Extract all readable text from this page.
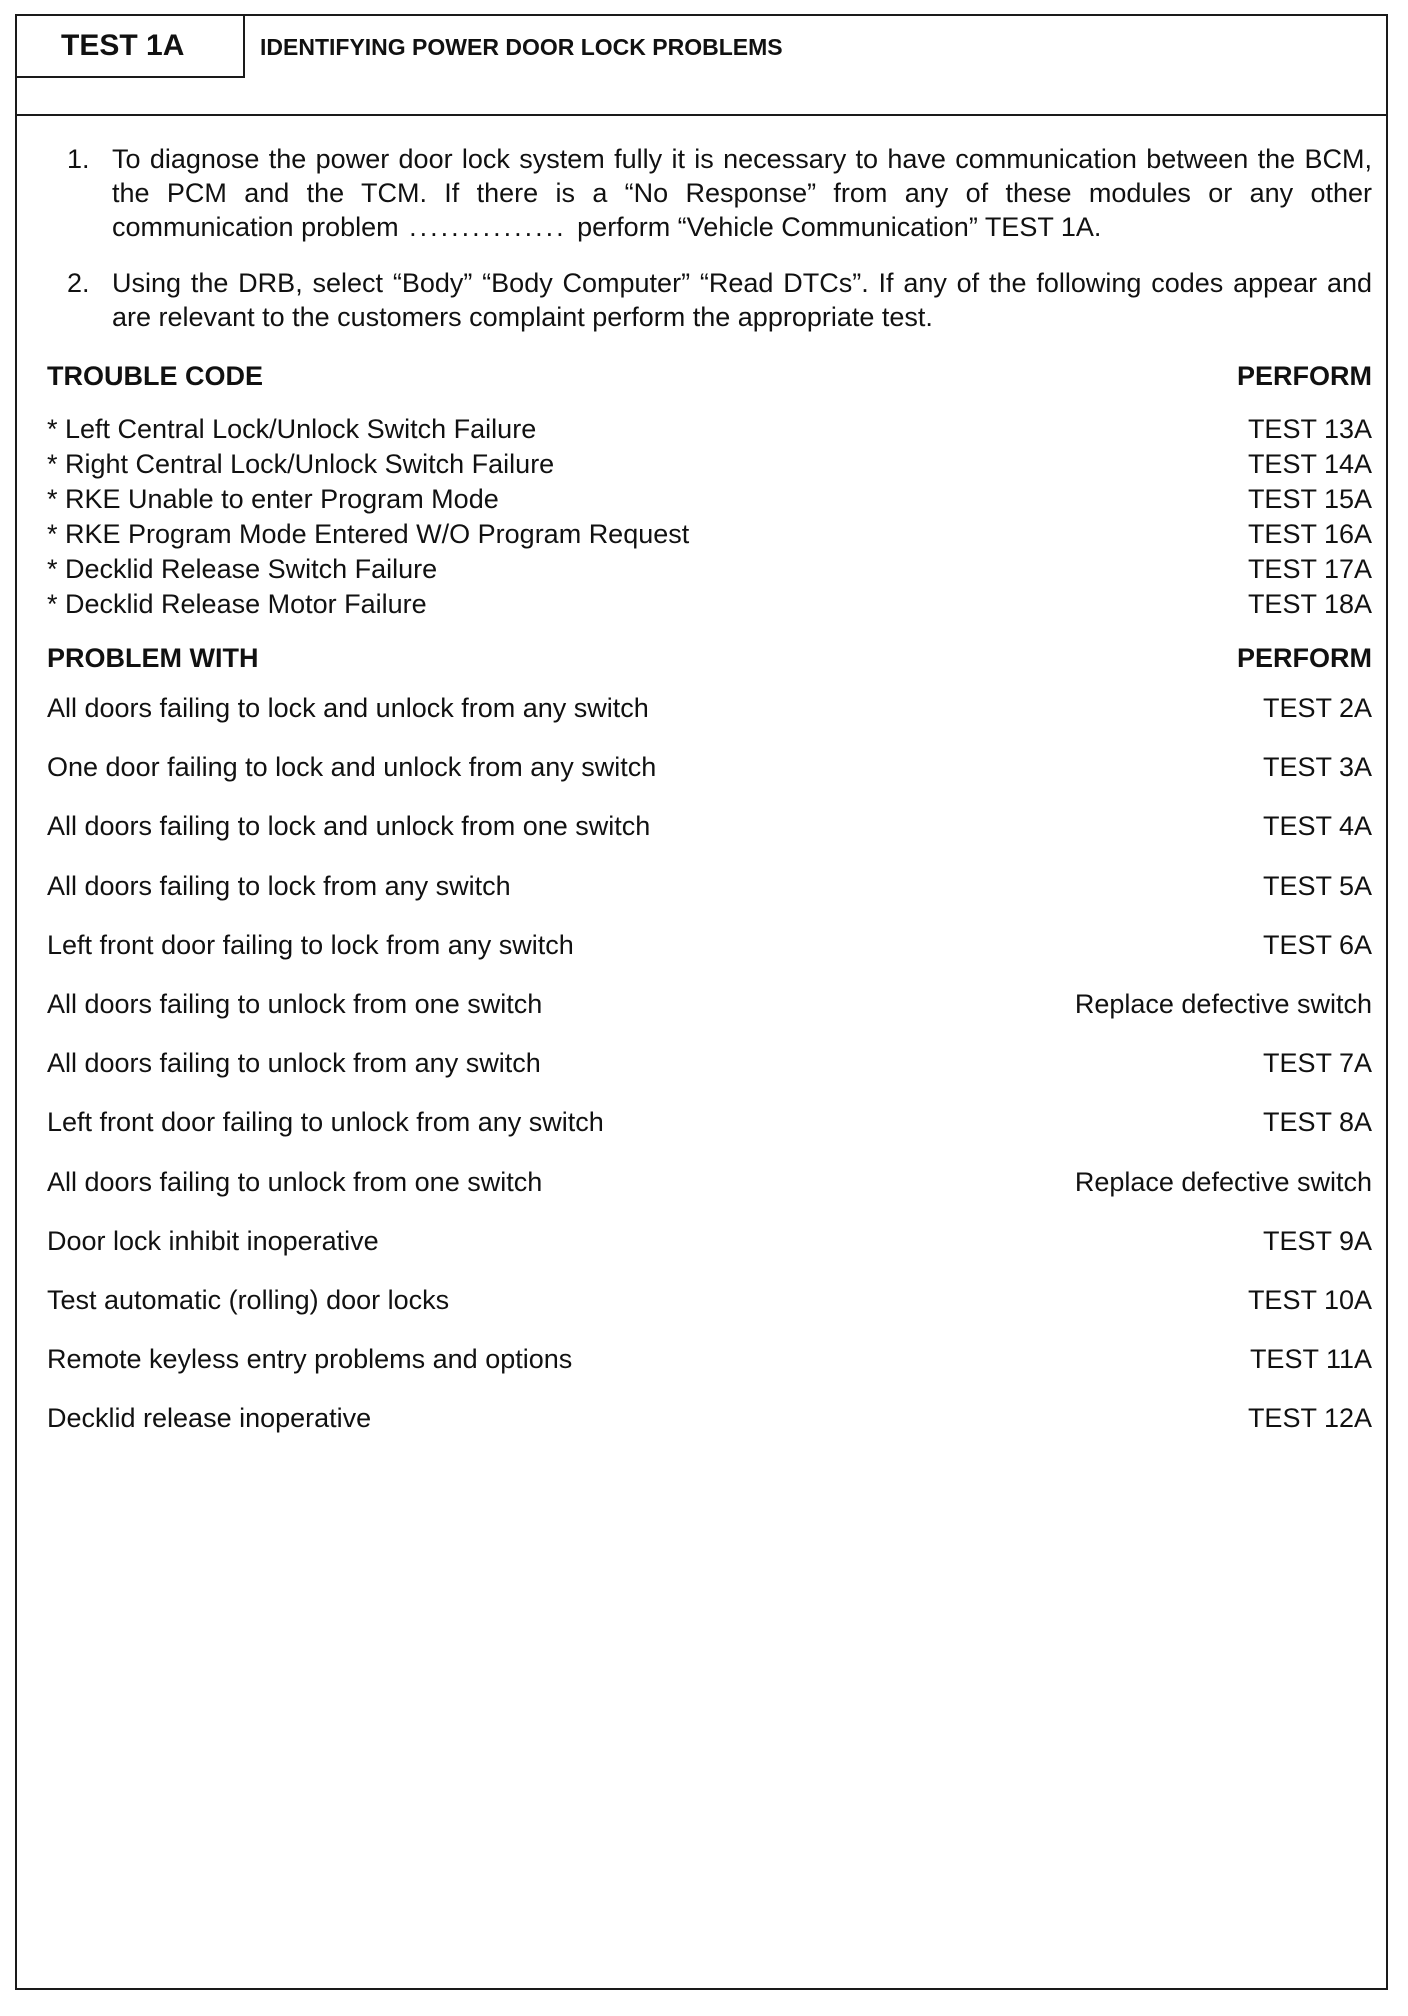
TEST 1A	IDENTIFYING POWER DOOR LOCK PROBLEMS
1. To diagnose the power door lock system fully it is necessary to have communication between the BCM, the PCM and the TCM. If there is a “No Response” from any of these modules or any other communication problem ............... perform “Vehicle Communication” TEST 1A.
2. Using the DRB, select “Body” “Body Computer” “Read DTCs”. If any of the following codes appear and are relevant to the customers complaint perform the appropriate test.
TROUBLE CODE	PERFORM
* Left Central Lock/Unlock Switch Failure	TEST 13A
* Right Central Lock/Unlock Switch Failure	TEST 14A
* RKE Unable to enter Program Mode	TEST 15A
* RKE Program Mode Entered W/O Program Request	TEST 16A
* Decklid Release Switch Failure	TEST 17A
* Decklid Release Motor Failure	TEST 18A
PROBLEM WITH	PERFORM
All doors failing to lock and unlock from any switch	TEST 2A
One door failing to lock and unlock from any switch	TEST 3A
All doors failing to lock and unlock from one switch	TEST 4A
All doors failing to lock from any switch	TEST 5A
Left front door failing to lock from any switch	TEST 6A
All doors failing to unlock from one switch	Replace defective switch
All doors failing to unlock from any switch	TEST 7A
Left front door failing to unlock from any switch	TEST 8A
All doors failing to unlock from one switch	Replace defective switch
Door lock inhibit inoperative	TEST 9A
Test automatic (rolling) door locks	TEST 10A
Remote keyless entry problems and options	TEST 11A
Decklid release inoperative	TEST 12A
